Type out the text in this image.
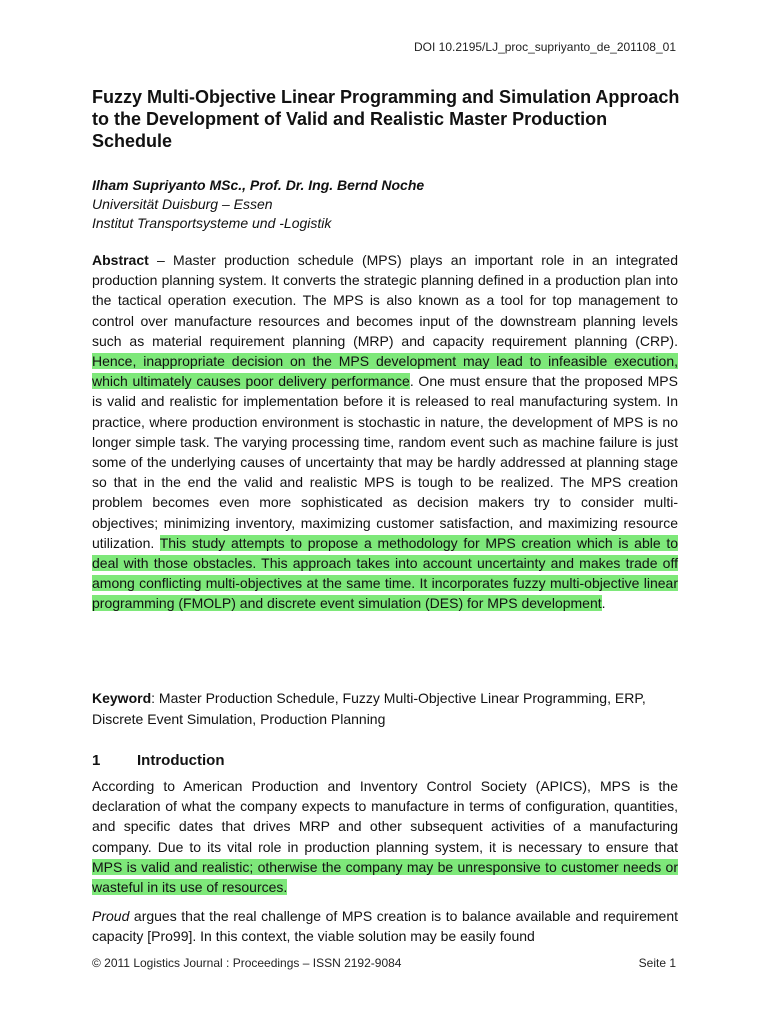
DOI 10.2195/LJ_proc_supriyanto_de_201108_01
Fuzzy Multi-Objective Linear Programming and Simulation Approach to the Development of Valid and Realistic Master Production Schedule
Ilham Supriyanto MSc., Prof. Dr. Ing. Bernd Noche
Universität Duisburg – Essen
Institut Transportsysteme und -Logistik

Abstract – Master production schedule (MPS) plays an important role in an integrated production planning system. It converts the strategic planning defined in a production plan into the tactical operation execution. The MPS is also known as a tool for top management to control over manufacture resources and becomes input of the downstream planning levels such as material requirement planning (MRP) and capacity requirement planning (CRP). Hence, inappropriate decision on the MPS development may lead to infeasible execution, which ultimately causes poor delivery performance. One must ensure that the proposed MPS is valid and realistic for implementation before it is released to real manufacturing system. In practice, where production environment is stochastic in nature, the development of MPS is no longer simple task. The varying processing time, random event such as machine failure is just some of the underlying causes of uncertainty that may be hardly addressed at planning stage so that in the end the valid and realistic MPS is tough to be realized. The MPS creation problem becomes even more sophisticated as decision makers try to consider multi-objectives; minimizing inventory, maximizing customer satisfaction, and maximizing resource utilization. This study attempts to propose a methodology for MPS creation which is able to deal with those obstacles. This approach takes into account uncertainty and makes trade off among conflicting multi-objectives at the same time. It incorporates fuzzy multi-objective linear programming (FMOLP) and discrete event simulation (DES) for MPS development.

Keyword: Master Production Schedule, Fuzzy Multi-Objective Linear Programming, ERP, Discrete Event Simulation, Production Planning

1 Introduction

According to American Production and Inventory Control Society (APICS), MPS is the declaration of what the company expects to manufacture in terms of configuration, quantities, and specific dates that drives MRP and other subsequent activities of a manufacturing company. Due to its vital role in production planning system, it is necessary to ensure that MPS is valid and realistic; otherwise the company may be unresponsive to customer needs or wasteful in its use of resources.

Proud argues that the real challenge of MPS creation is to balance available and requirement capacity [Pro99]. In this context, the viable solution may be easily found

© 2011 Logistics Journal : Proceedings – ISSN 2192-9084	Seite 1
